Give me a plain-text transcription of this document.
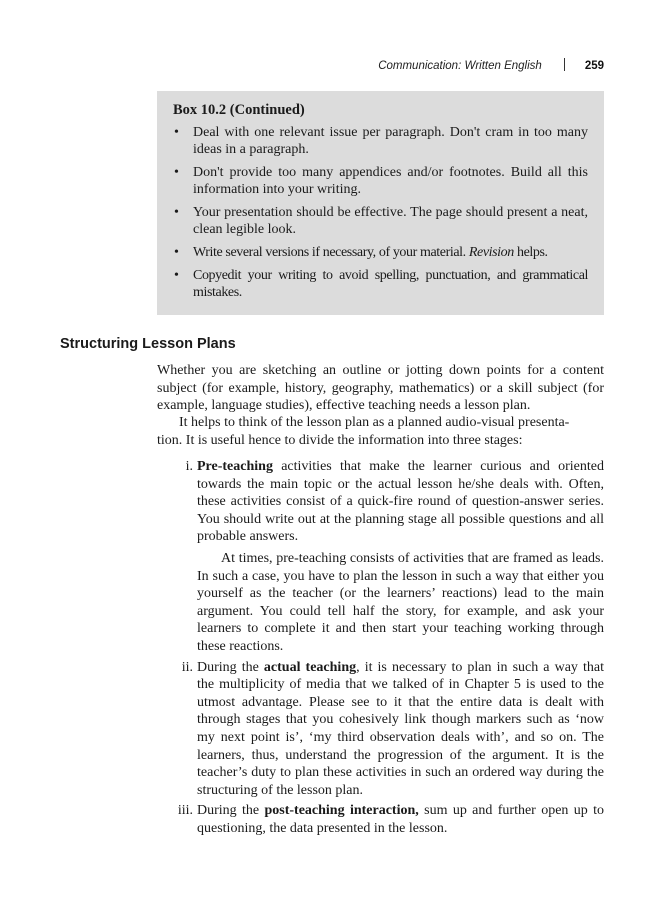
Communication: Written English	259
Box 10.2 (Continued)
• Deal with one relevant issue per paragraph. Don't cram in too many ideas in a paragraph.
• Don't provide too many appendices and/or footnotes. Build all this information into your writing.
• Your presentation should be effective. The page should present a neat, clean legible look.
• Write several versions if necessary, of your material. Revision helps.
• Copyedit your writing to avoid spelling, punctuation, and grammatical mistakes.
Structuring Lesson Plans
Whether you are sketching an outline or jotting down points for a content subject (for example, history, geography, mathematics) or a skill subject (for example, language studies), effective teaching needs a lesson plan.
It helps to think of the lesson plan as a planned audio-visual presenta-
tion. It is useful hence to divide the information into three stages:
i. Pre-teaching activities that make the learner curious and oriented towards the main topic or the actual lesson he/she deals with. Often, these activities consist of a quick-fire round of question-answer series. You should write out at the planning stage all possible questions and all probable answers.

At times, pre-teaching consists of activities that are framed as leads. In such a case, you have to plan the lesson in such a way that either you yourself as the teacher (or the learners’ reactions) lead to the main argument. You could tell half the story, for example, and ask your learners to complete it and then start your teaching working through these reactions.

ii. During the actual teaching, it is necessary to plan in such a way that the multiplicity of media that we talked of in Chapter 5 is used to the utmost advantage. Please see to it that the entire data is dealt with through stages that you cohesively link though markers such as ‘now my next point is’, ‘my third observation deals with’, and so on. The learners, thus, understand the progression of the argument. It is the teacher’s duty to plan these activities in such an ordered way during the structuring of the lesson plan.

iii. During the post-teaching interaction, sum up and further open up to questioning, the data presented in the lesson.
